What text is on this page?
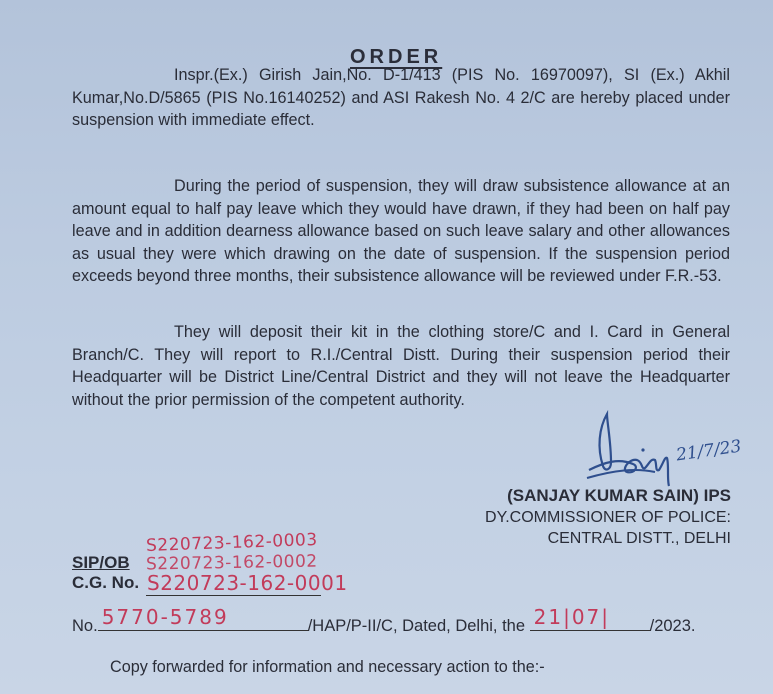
ORDER
Inspr.(Ex.) Girish Jain,No. D-1/413 (PIS No. 16970097), SI (Ex.) Akhil Kumar,No.D/5865 (PIS No.16140252) and ASI Rakesh No. 4 2/C are hereby placed under suspension with immediate effect.
During the period of suspension, they will draw subsistence allowance at an amount equal to half pay leave which they would have drawn, if they had been on half pay leave and in addition dearness allowance based on such leave salary and other allowances as usual they were which drawing on the date of suspension. If the suspension period exceeds beyond three months, their subsistence allowance will be reviewed under F.R.-53.
They will deposit their kit in the clothing store/C and I. Card in General Branch/C. They will report to R.I./Central Distt. During their suspension period their Headquarter will be District Line/Central District and they will not leave the Headquarter without the prior permission of the competent authority.
21/7/23
(SANJAY KUMAR SAIN) IPS
DY.COMMISSIONER OF POLICE:
CENTRAL DISTT., DELHI
S220723-162-0003
SIP/OB S220723-162-0002
C.G. No. S220723-162-0001
No. 5770-5789	/HAP/P-II/C, Dated, Delhi, the 21|07| /2023.
Copy forwarded for information and necessary action to the:-
